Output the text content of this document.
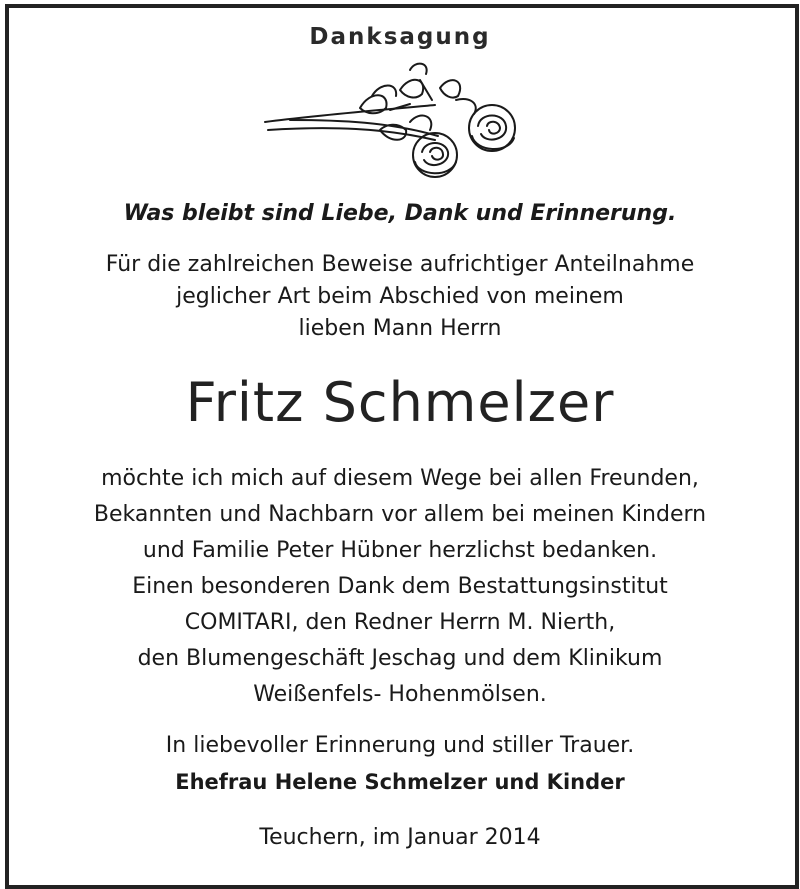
Danksagung
Was bleibt sind Liebe, Dank und Erinnerung.
Für die zahlreichen Beweise aufrichtiger Anteilnahme
jeglicher Art beim Abschied von meinem
lieben Mann Herrn
Fritz Schmelzer
möchte ich mich auf diesem Wege bei allen Freunden,
Bekannten und Nachbarn vor allem bei meinen Kindern
und Familie Peter Hübner herzlichst bedanken.
Einen besonderen Dank dem Bestattungsinstitut
COMITARI, den Redner Herrn M. Nierth,
den Blumengeschäft Jeschag und dem Klinikum
Weißenfels- Hohenmölsen.
In liebevoller Erinnerung und stiller Trauer.
Ehefrau Helene Schmelzer und Kinder
Teuchern, im Januar 2014
